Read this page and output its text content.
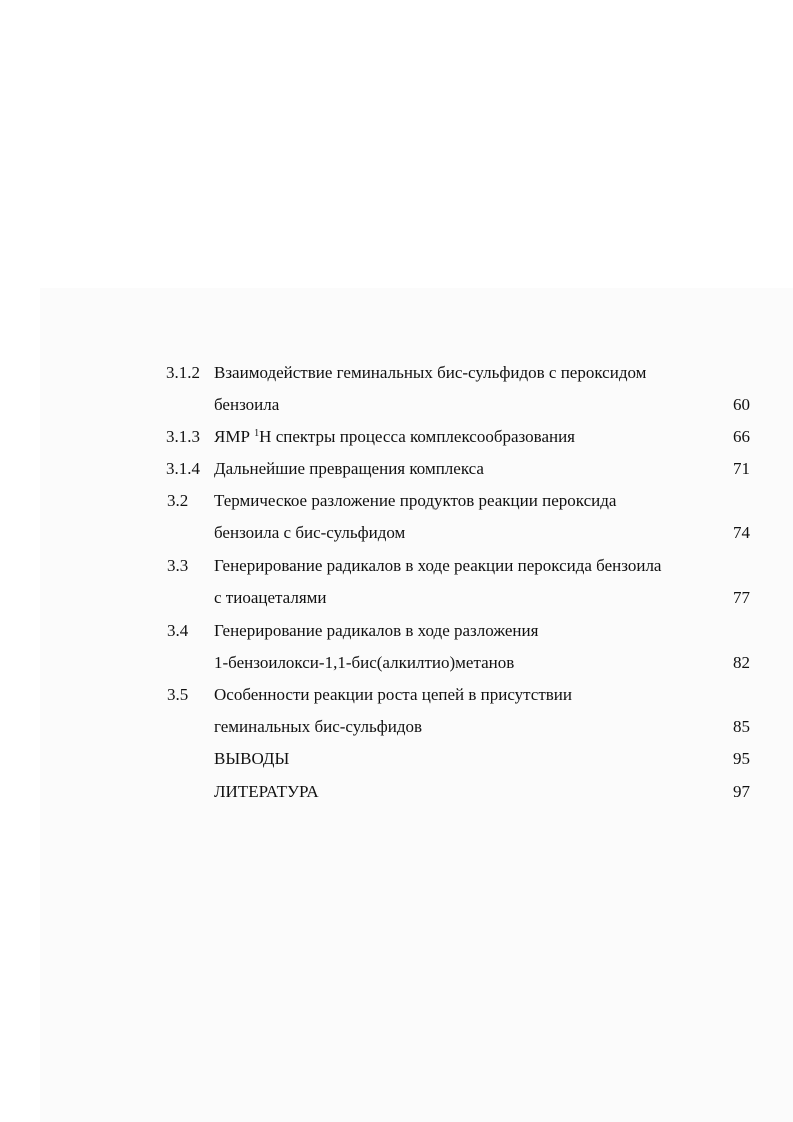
3.1.2 Взаимодействие геминальных бис-сульфидов с пероксидом
бензоила	60
3.1.3 ЯМР $^1$Н спектры процесса комплексообразования	66
3.1.4 Дальнейшие превращения комплекса	71
3.2 Термическое разложение продуктов реакции пероксида
бензоила с бис-сульфидом	74
3.3 Генерирование радикалов в ходе реакции пероксида бензоила
с тиоацеталями	77
3.4 Генерирование радикалов в ходе разложения
1-бензоилокси-1,1-бис(алкилтио)метанов	82
3.5 Особенности реакции роста цепей в присутствии
геминальных бис-сульфидов	85
ВЫВОДЫ	95
ЛИТЕРАТУРА	97
